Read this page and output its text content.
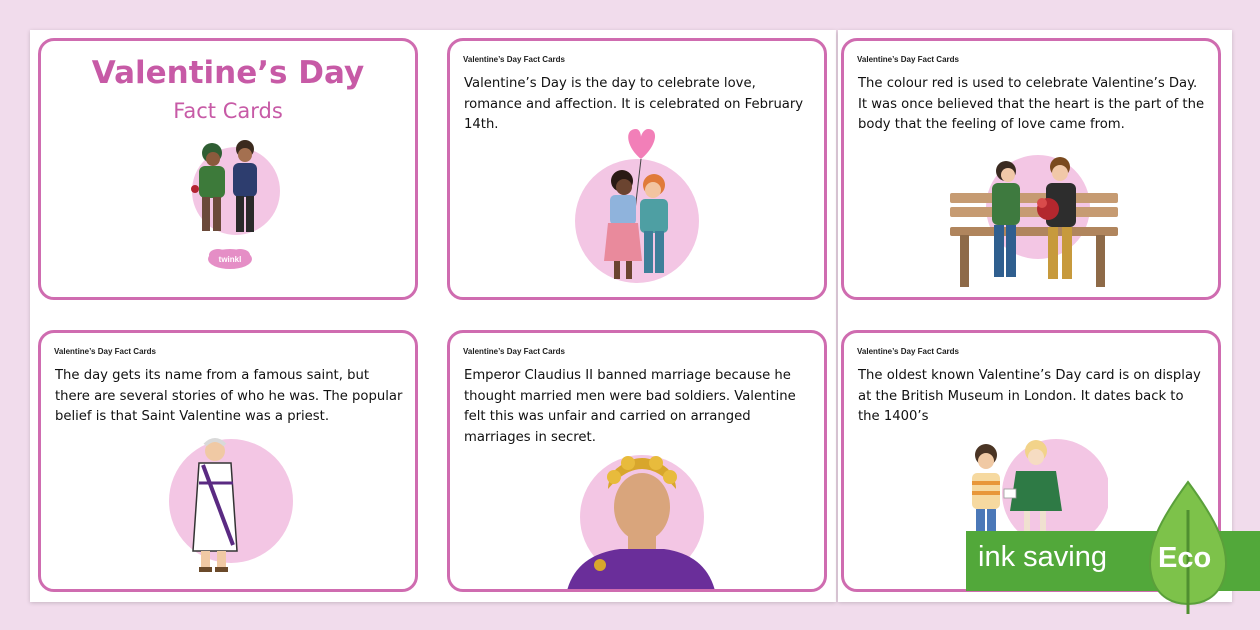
Valentine’s Day
Fact Cards
twinkl
Valentine’s Day Fact Cards
Valentine’s Day is the day to celebrate love, romance and affection. It is celebrated on February 14th.
Valentine’s Day Fact Cards
The colour red is used to celebrate Valentine’s Day. It was once believed that the heart is the part of the body that the feeling of love came from.
Valentine’s Day Fact Cards
The day gets its name from a famous saint, but there are several stories of who he was. The popular belief is that Saint Valentine was a priest.
Valentine’s Day Fact Cards
Emperor Claudius II banned marriage because he thought married men were bad soldiers. Valentine felt this was unfair and carried on arranged marriages in secret.
Valentine’s Day Fact Cards
The oldest known Valentine’s Day card is on display at the British Museum in London. It dates back to the 1400’s
ink saving Eco
